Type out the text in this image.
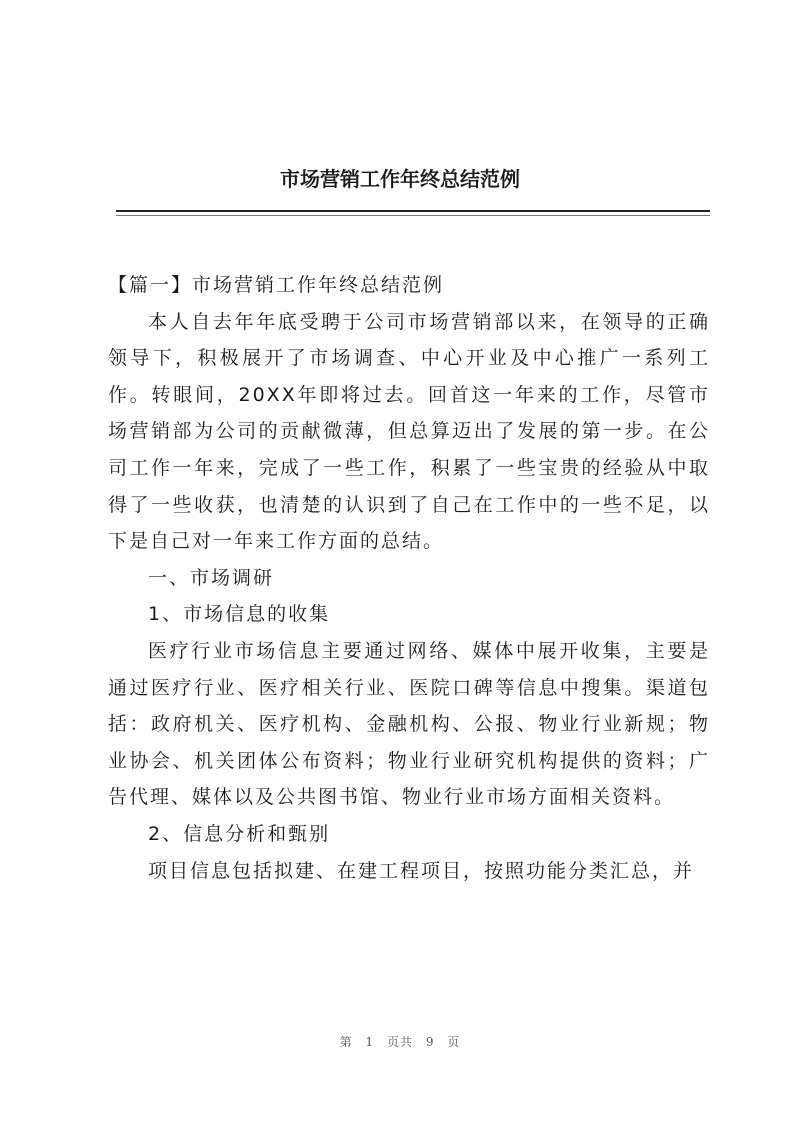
市场营销工作年终总结范例

【篇一】市场营销工作年终总结范例

本人自去年年底受聘于公司市场营销部以来，在领导的正确领导下，积极展开了市场调查、中心开业及中心推广一系列工作。转眼间，20XX年即将过去。回首这一年来的工作，尽管市场营销部为公司的贡献微薄，但总算迈出了发展的第一步。在公司工作一年来，完成了一些工作，积累了一些宝贵的经验从中取得了一些收获，也清楚的认识到了自己在工作中的一些不足，以下是自己对一年来工作方面的总结。

一、市场调研

1、市场信息的收集

医疗行业市场信息主要通过网络、媒体中展开收集，主要是通过医疗行业、医疗相关行业、医院口碑等信息中搜集。渠道包括：政府机关、医疗机构、金融机构、公报、物业行业新规；物业协会、机关团体公布资料；物业行业研究机构提供的资料；广告代理、媒体以及公共图书馆、物业行业市场方面相关资料。

2、信息分析和甄别

项目信息包括拟建、在建工程项目，按照功能分类汇总，并

第 1 页共 9 页
